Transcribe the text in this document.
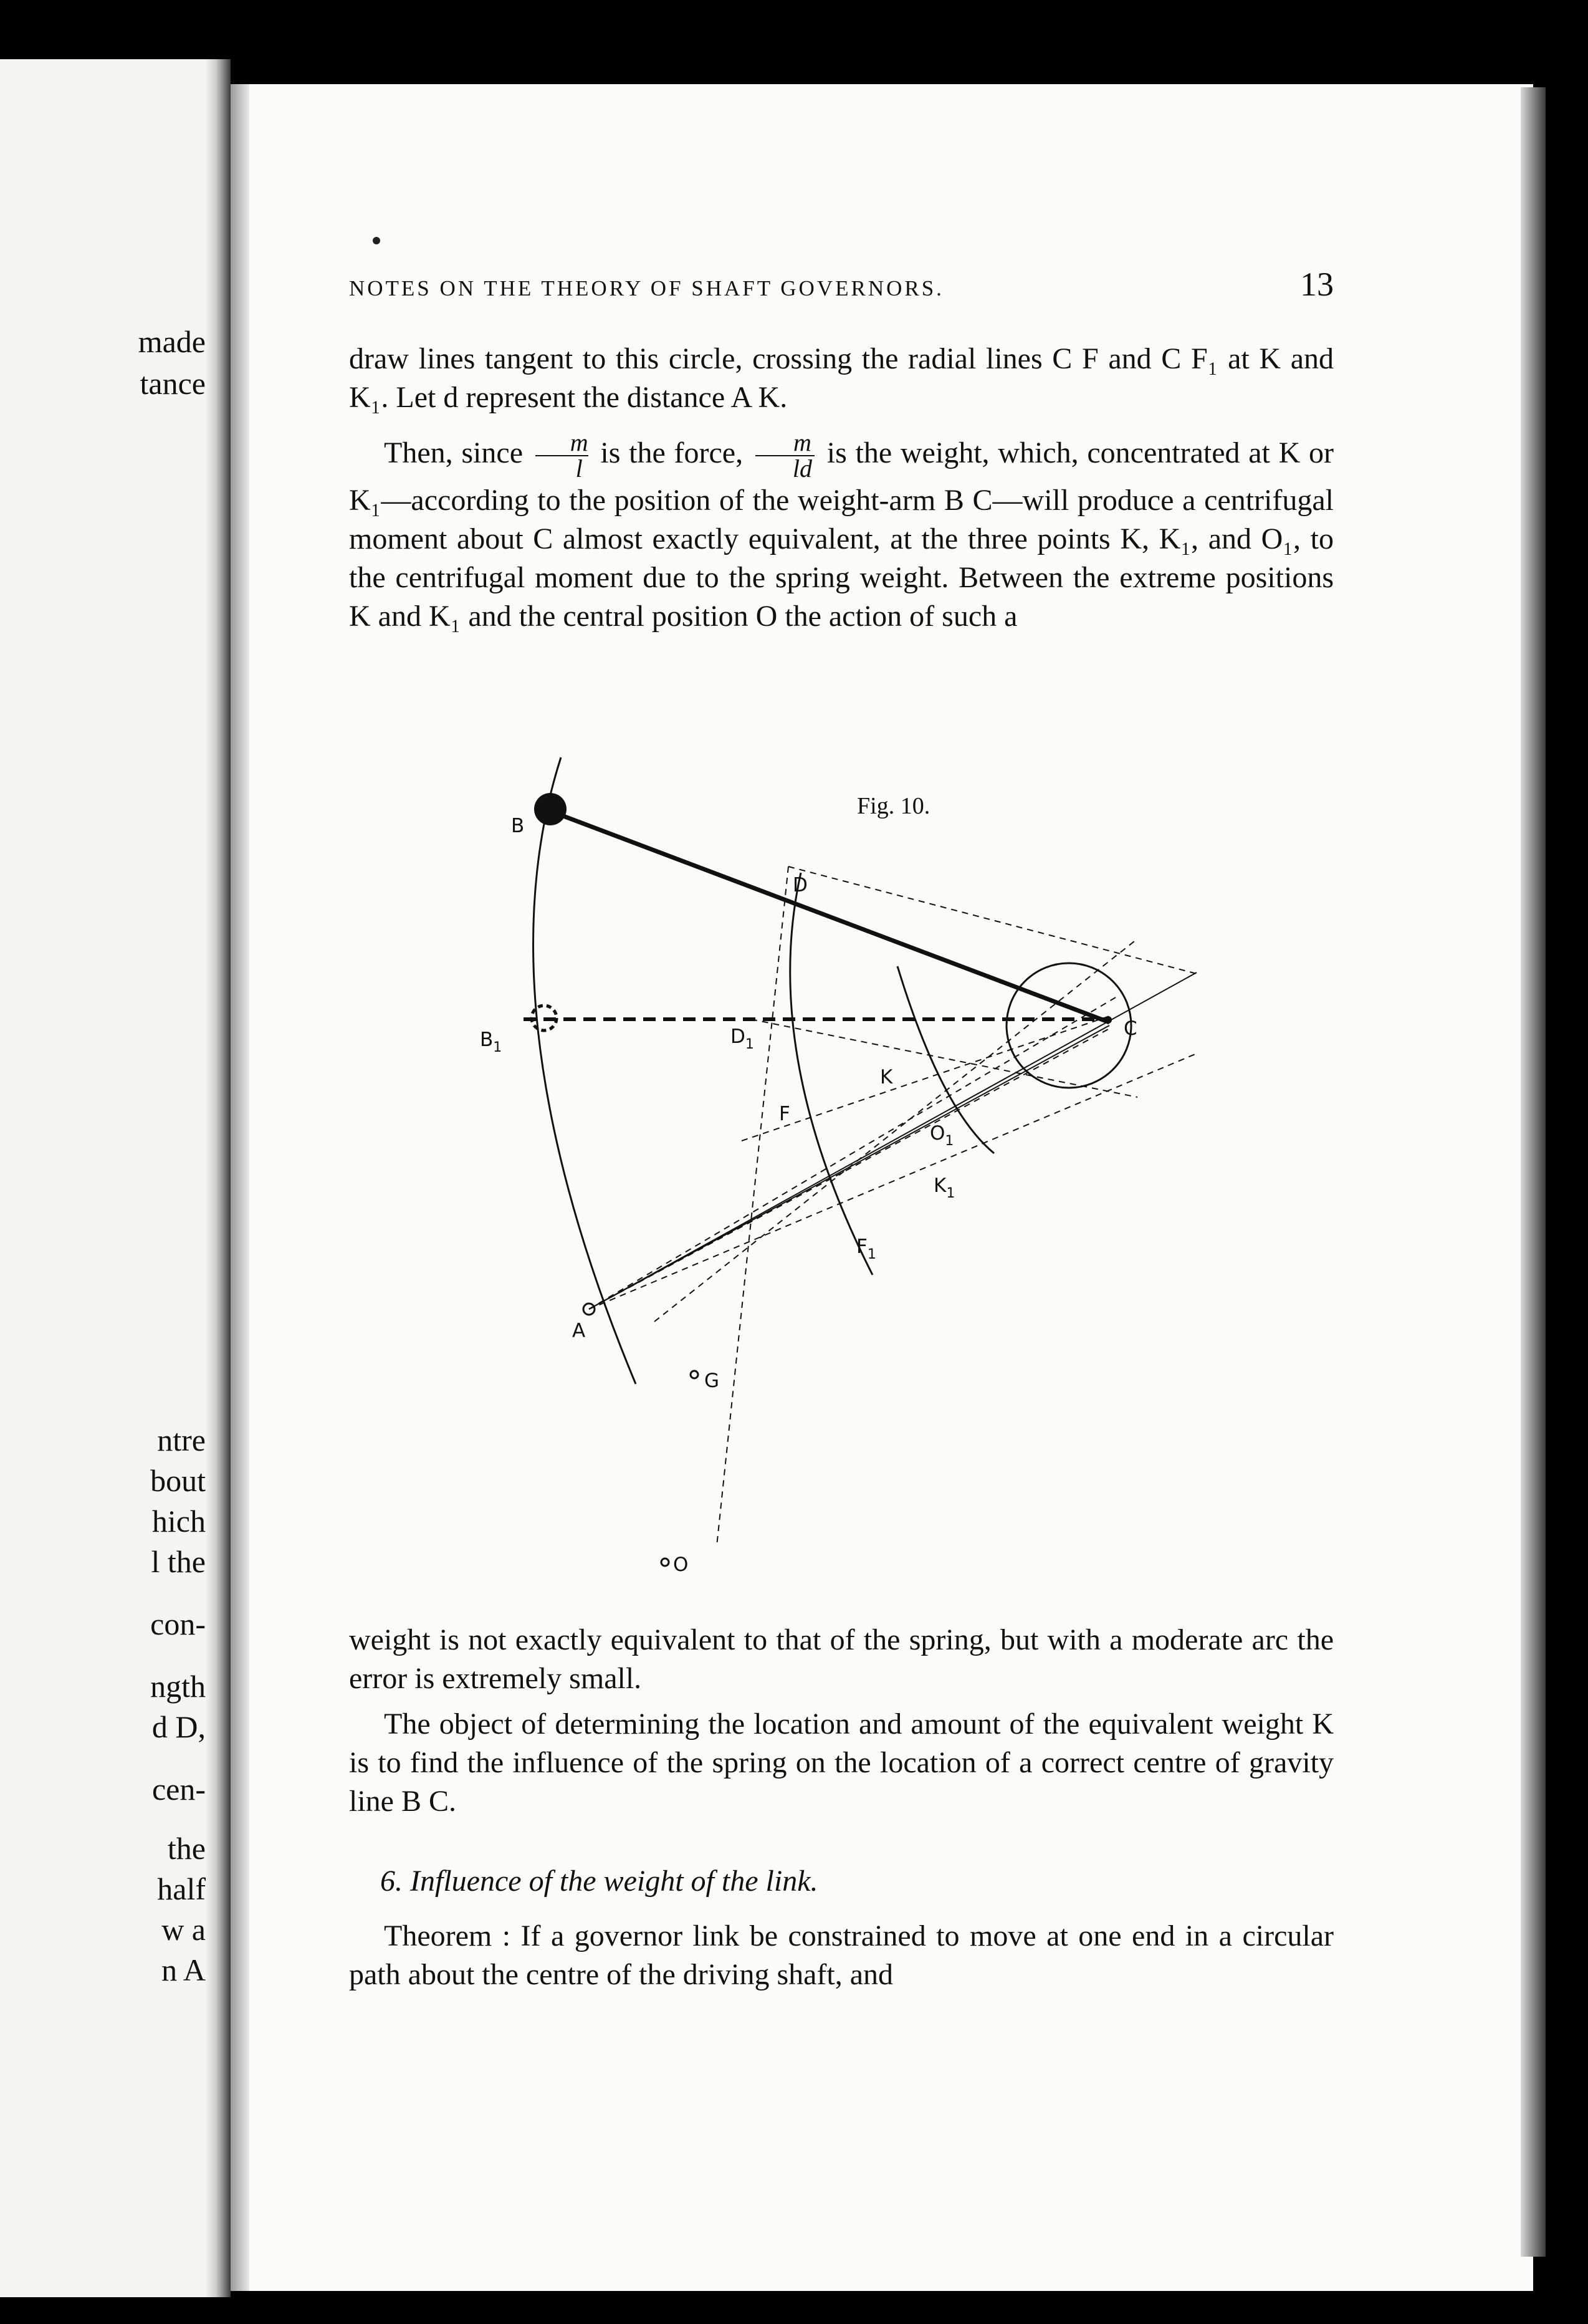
made
tance
ntre
bout
hich
l the
con-
ngth
d D,
cen-
the
half
w a
n A
NOTES ON THE THEORY OF SHAFT GOVERNORS.	13

draw lines tangent to this circle, crossing the radial lines C F and C F₁ at K and K₁. Let d represent the distance A K.

Then, since $\frac{m}{l}$ is the force, $\frac{m}{ld}$ is the weight, which, concentrated at K or K₁—according to the position of the weight-arm B C—will produce a centrifugal moment about C almost exactly equivalent, at the three points K, K₁, and O₁, to the centrifugal moment due to the spring weight. Between the extreme positions K and K₁ and the central position O the action of such a

Fig. 10.
B
D
C
$B_1$	$D_1$
K
F
$O_1$
$K_1$
$F_1$
A
G
O

weight is not exactly equivalent to that of the spring, but with a moderate arc the error is extremely small.

The object of determining the location and amount of the equivalent weight K is to find the influence of the spring on the location of a correct centre of gravity line B C.

6. Influence of the weight of the link.

Theorem : If a governor link be constrained to move at one end in a circular path about the centre of the driving shaft, and
